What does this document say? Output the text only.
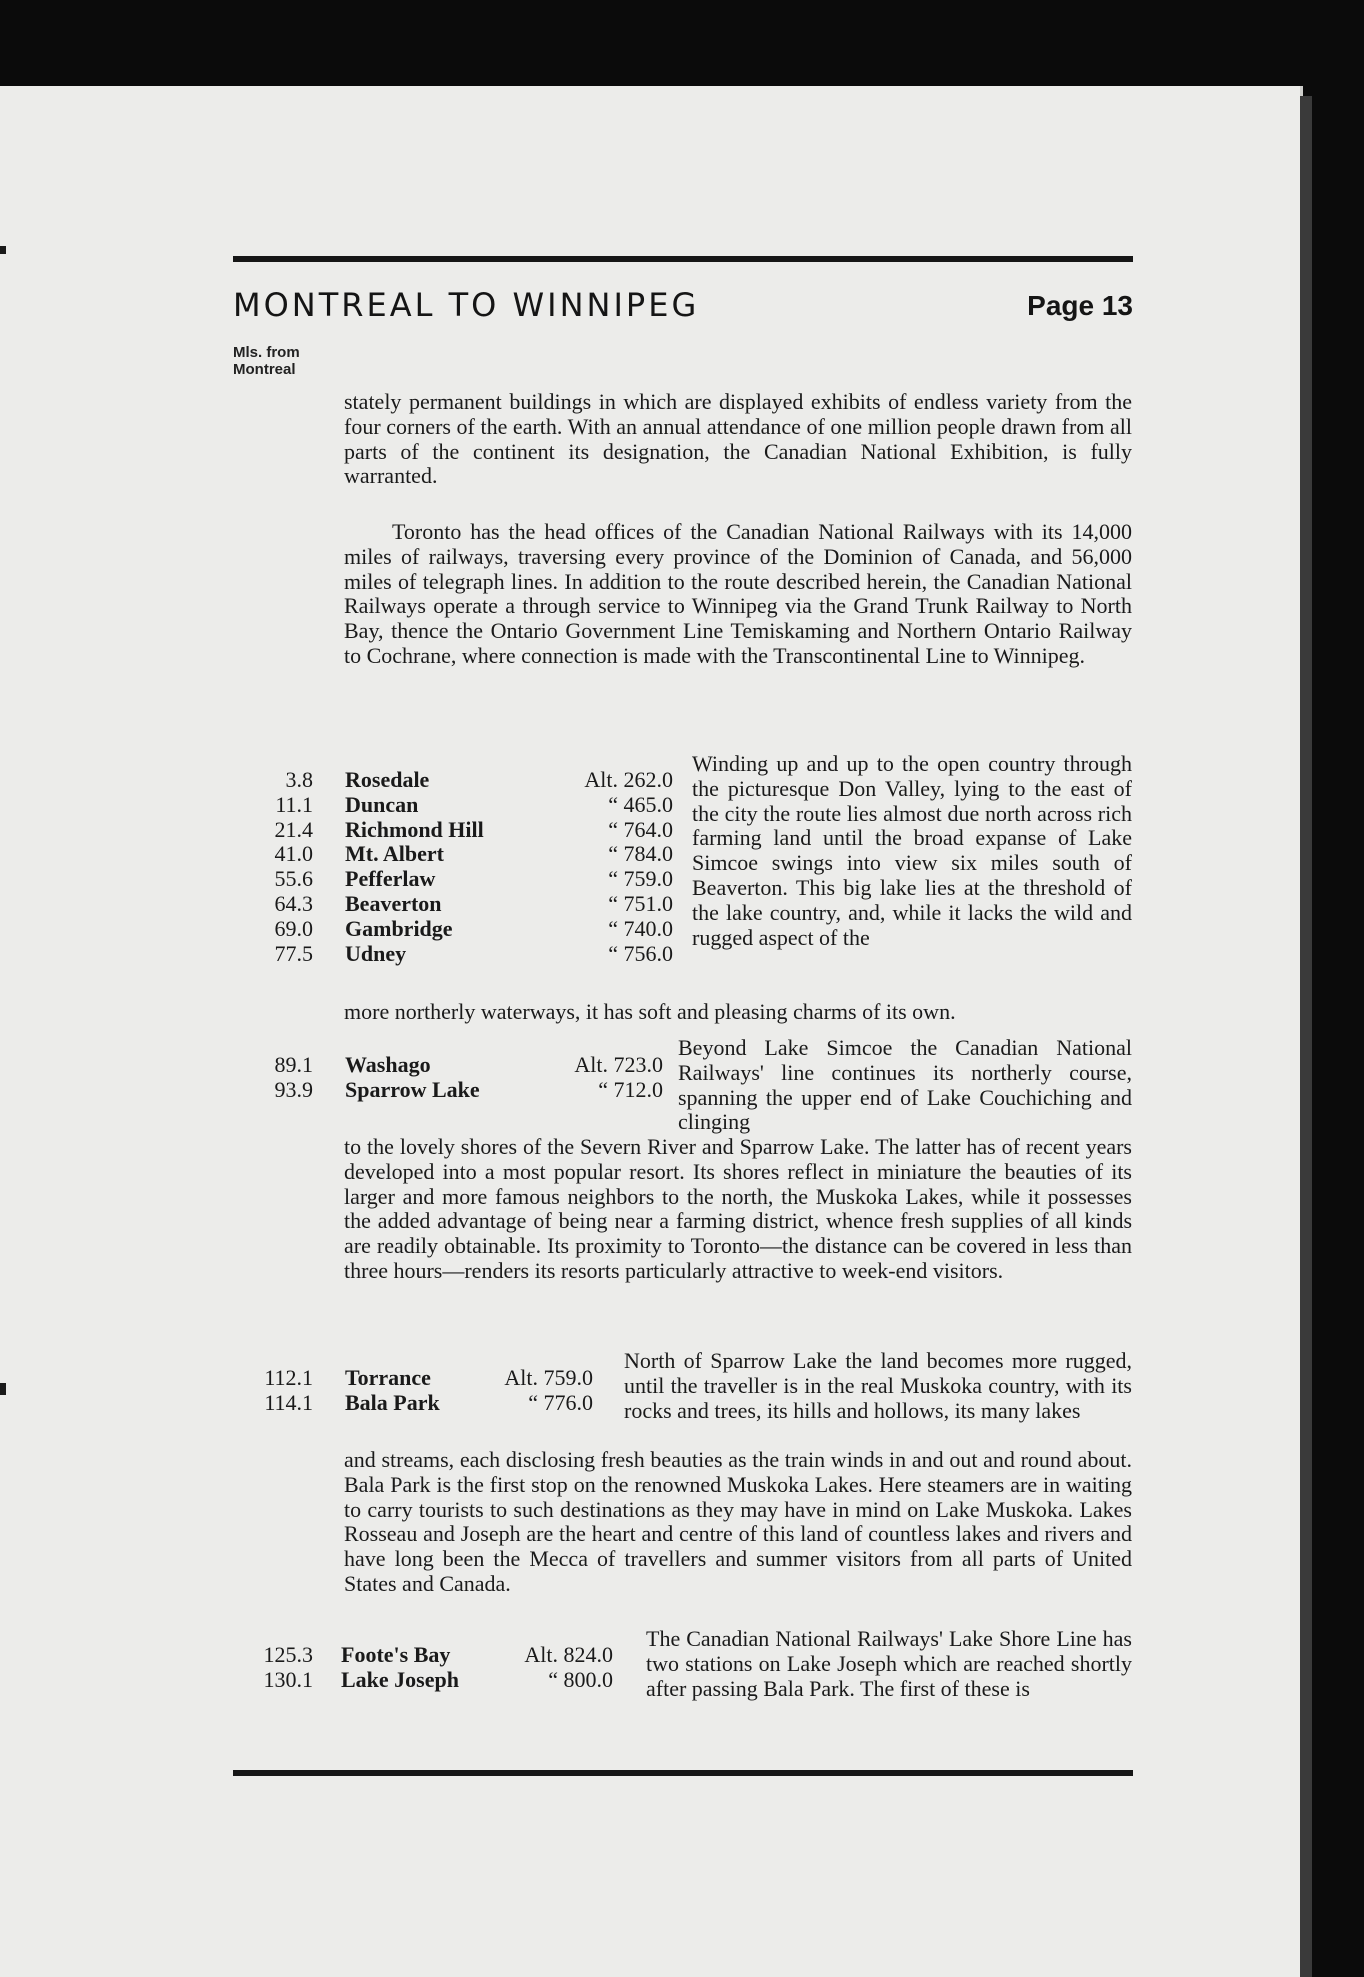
MONTREAL TO WINNIPEG	Page 13
Mls. from
Montreal

stately permanent buildings in which are displayed exhibits of endless variety from the four corners of the earth. With an annual attendance of one million people drawn from all parts of the continent its designation, the Canadian National Exhibition, is fully warranted.

Toronto has the head offices of the Canadian National Railways with its 14,000 miles of railways, traversing every province of the Dominion of Canada, and 56,000 miles of telegraph lines. In addition to the route described herein, the Canadian National Railways operate a through service to Winnipeg via the Grand Trunk Railway to North Bay, thence the Ontario Government Line Temiskaming and Northern Ontario Railway to Cochrane, where connection is made with the Transcontinental Line to Winnipeg.

3.8 Rosedale	Alt. 262.0
11.1 Duncan	“ 465.0
21.4 Richmond Hill	“ 764.0
41.0 Mt. Albert	“ 784.0
55.6 Pefferlaw	“ 759.0
64.3 Beaverton	“ 751.0
69.0 Gambridge	“ 740.0
77.5 Udney	“ 756.0

Winding up and up to the open country through the picturesque Don Valley, lying to the east of the city the route lies almost due north across rich farming land until the broad expanse of Lake Simcoe swings into view six miles south of Beaverton. This big lake lies at the threshold of the lake country, and, while it lacks the wild and rugged aspect of the

more northerly waterways, it has soft and pleasing charms of its own.

89.1 Washago	Alt. 723.0
93.9 Sparrow Lake	“ 712.0

Beyond Lake Simcoe the Canadian National Railways' line continues its northerly course, spanning the upper end of Lake Couchiching and clinging

to the lovely shores of the Severn River and Sparrow Lake. The latter has of recent years developed into a most popular resort. Its shores reflect in miniature the beauties of its larger and more famous neighbors to the north, the Muskoka Lakes, while it possesses the added advantage of being near a farming district, whence fresh supplies of all kinds are readily obtainable. Its proximity to Toronto—the distance can be covered in less than three hours—renders its resorts particularly attractive to week-end visitors.

112.1 Torrance	Alt. 759.0
114.1 Bala Park	“ 776.0

North of Sparrow Lake the land becomes more rugged, until the traveller is in the real Muskoka country, with its rocks and trees, its hills and hollows, its many lakes

and streams, each disclosing fresh beauties as the train winds in and out and round about. Bala Park is the first stop on the renowned Muskoka Lakes. Here steamers are in waiting to carry tourists to such destinations as they may have in mind on Lake Muskoka. Lakes Rosseau and Joseph are the heart and centre of this land of countless lakes and rivers and have long been the Mecca of travellers and summer visitors from all parts of United States and Canada.

125.3 Foote's Bay	Alt. 824.0
130.1 Lake Joseph	“ 800.0

The Canadian National Railways' Lake Shore Line has two stations on Lake Joseph which are reached shortly after passing Bala Park. The first of these is
